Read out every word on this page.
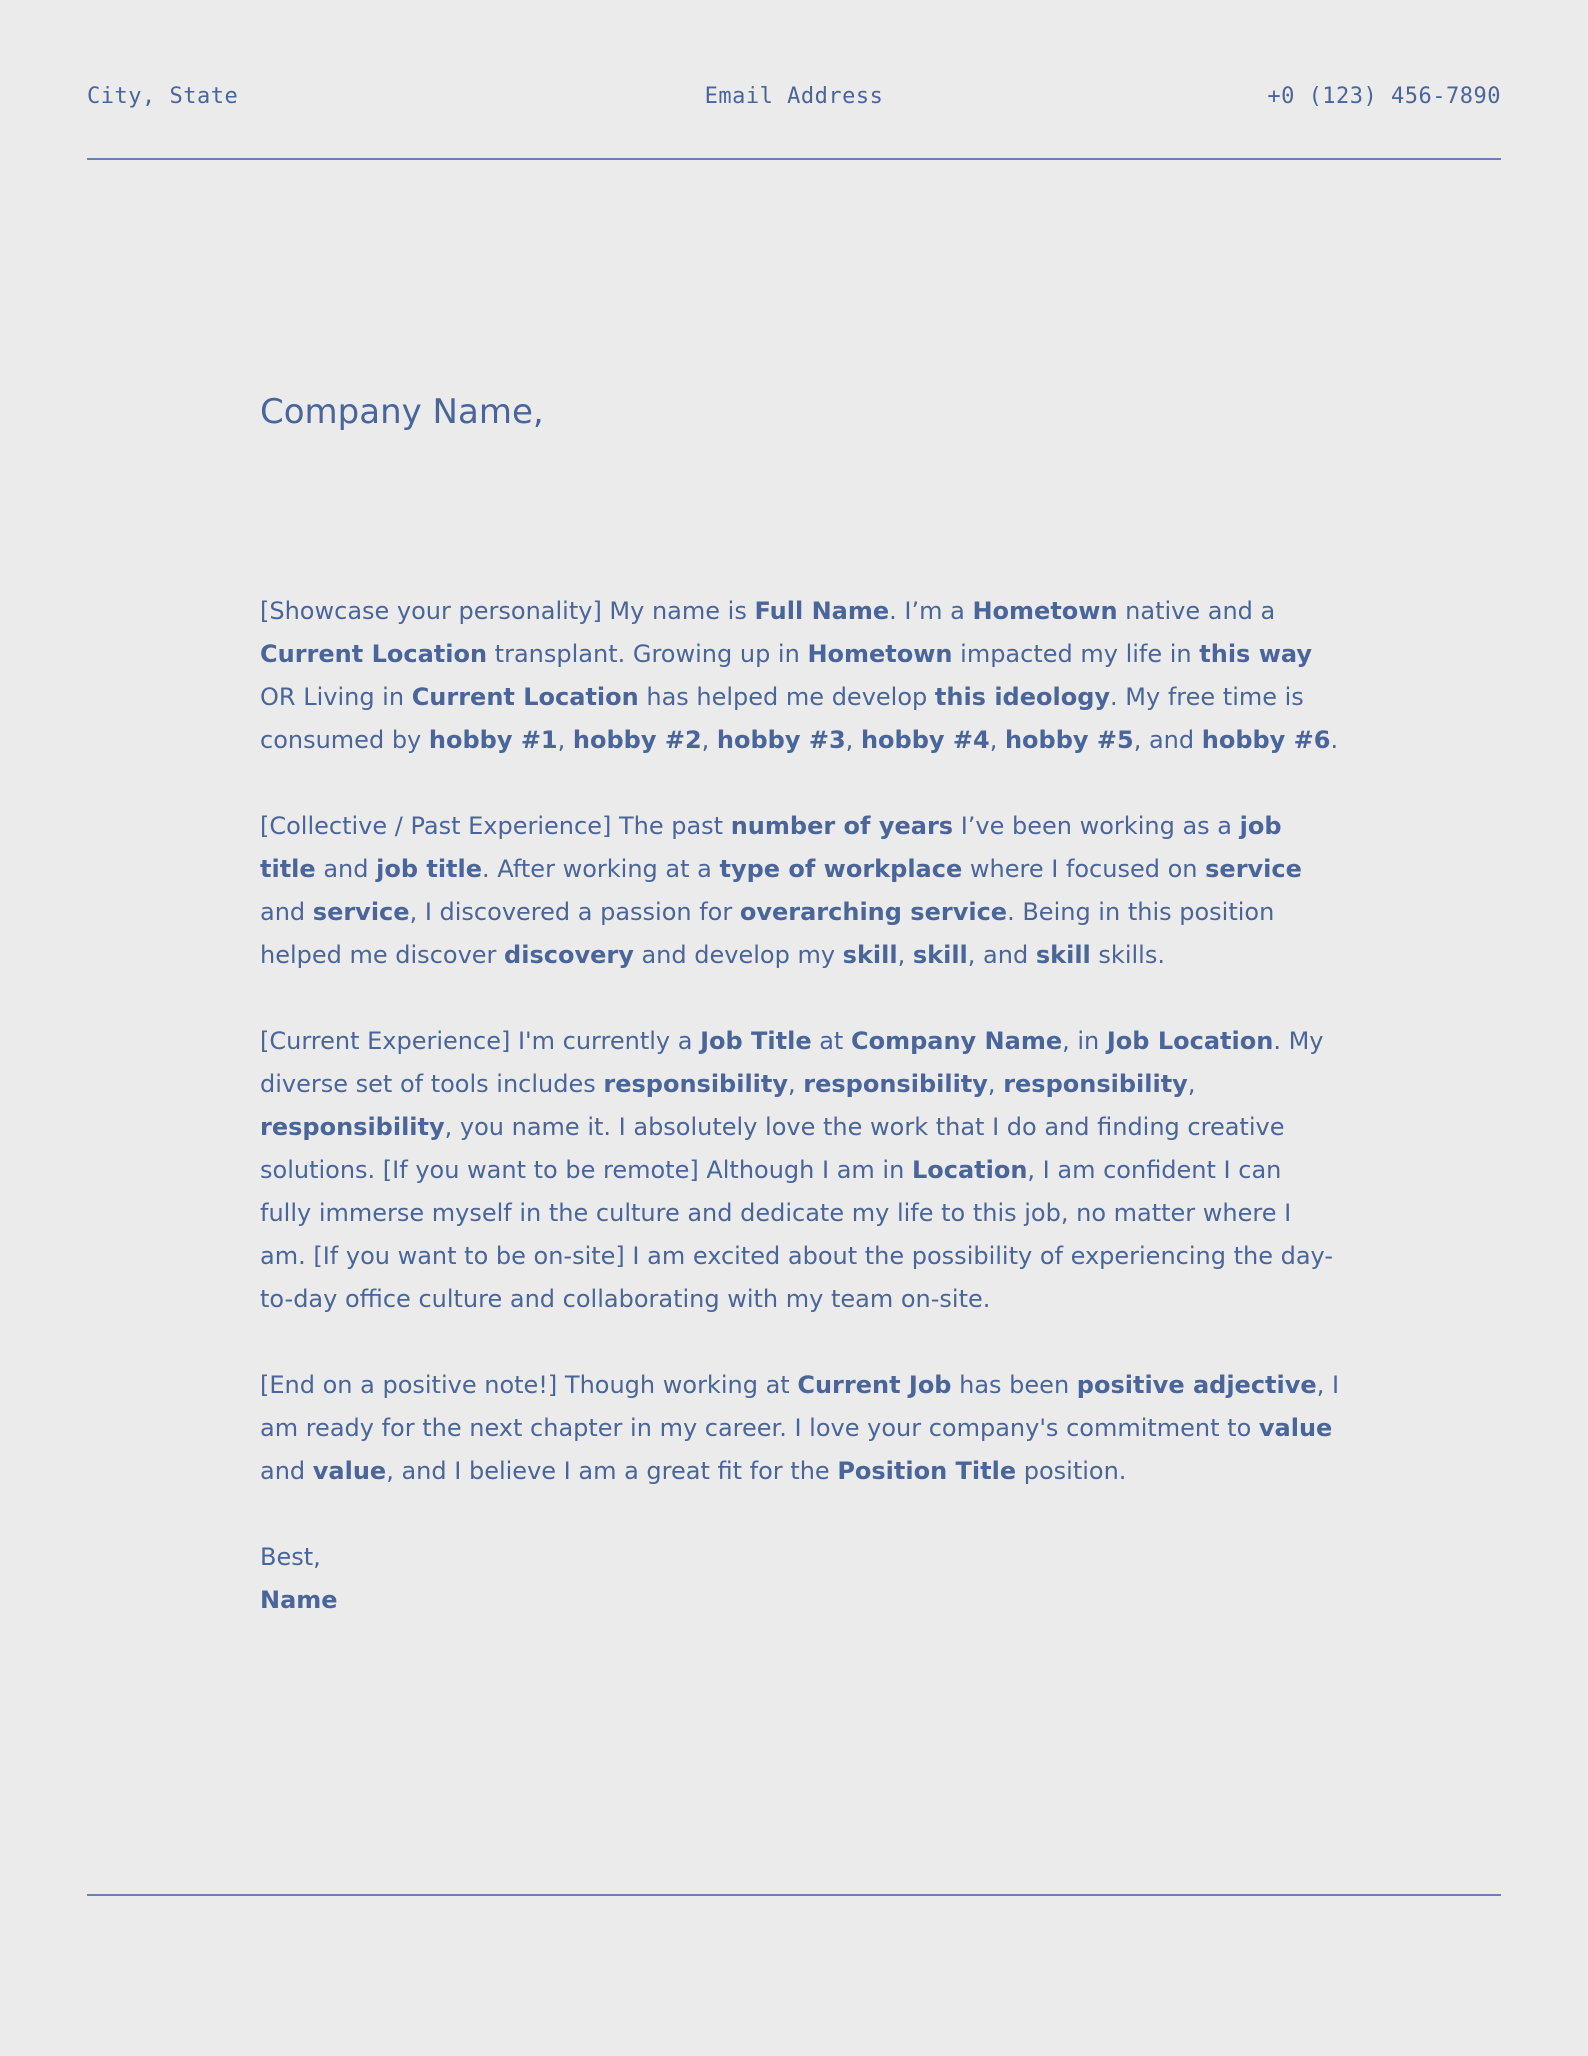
City, State	Email Address	+0 (123) 456-7890
Company Name,

[Showcase your personality] My name is Full Name. I’m a Hometown native and a Current Location transplant. Growing up in Hometown impacted my life in this way OR Living in Current Location has helped me develop this ideology. My free time is consumed by hobby #1, hobby #2, hobby #3, hobby #4, hobby #5, and hobby #6.

[Collective / Past Experience] The past number of years I’ve been working as a job title and job title. After working at a type of workplace where I focused on service and service, I discovered a passion for overarching service. Being in this position helped me discover discovery and develop my skill, skill, and skill skills.

[Current Experience] I'm currently a Job Title at Company Name, in Job Location. My diverse set of tools includes responsibility, responsibility, responsibility, responsibility, you name it. I absolutely love the work that I do and finding creative solutions. [If you want to be remote] Although I am in Location, I am confident I can fully immerse myself in the culture and dedicate my life to this job, no matter where I am. [If you want to be on-site] I am excited about the possibility of experiencing the day-to-day office culture and collaborating with my team on-site.

[End on a positive note!] Though working at Current Job has been positive adjective, I am ready for the next chapter in my career. I love your company's commitment to value and value, and I believe I am a great fit for the Position Title position.

Best,
Name
